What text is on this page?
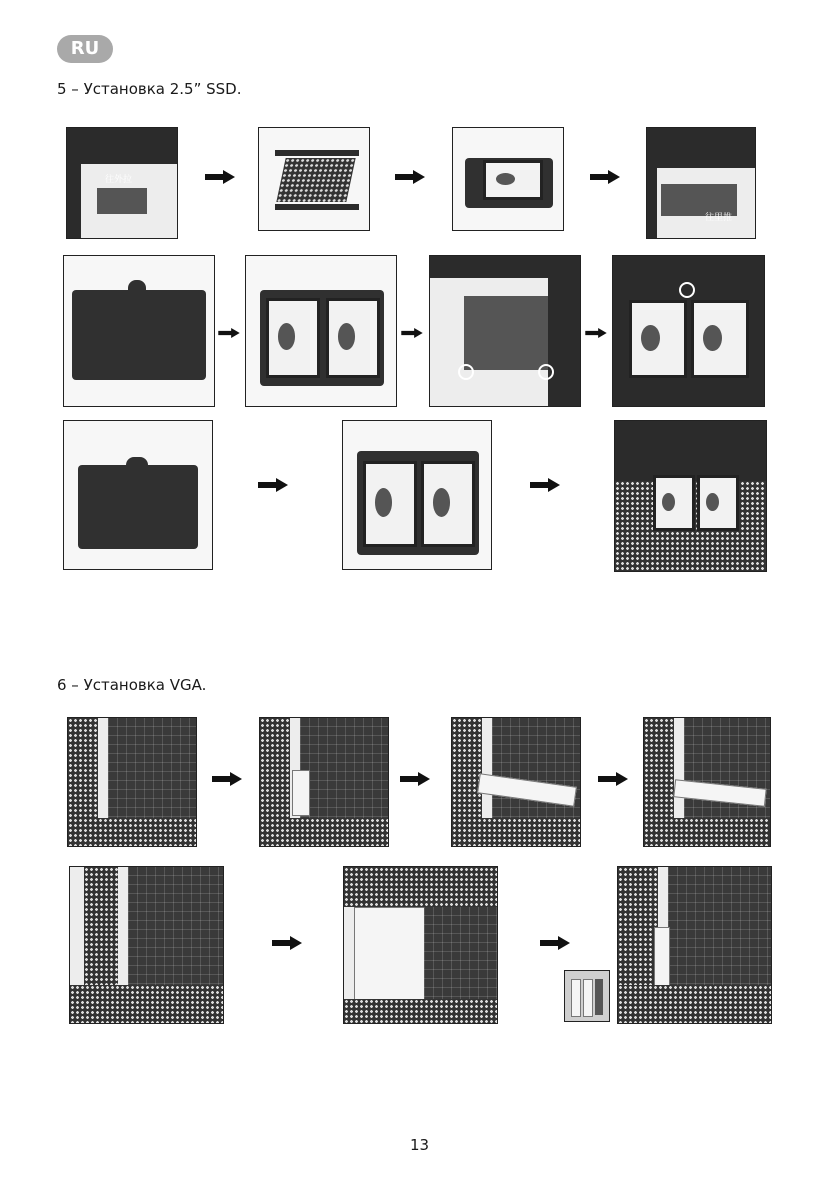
RU
5 – Установка 2.5” SSD.
往外拉
往里推
6 – Установка VGA.
13
